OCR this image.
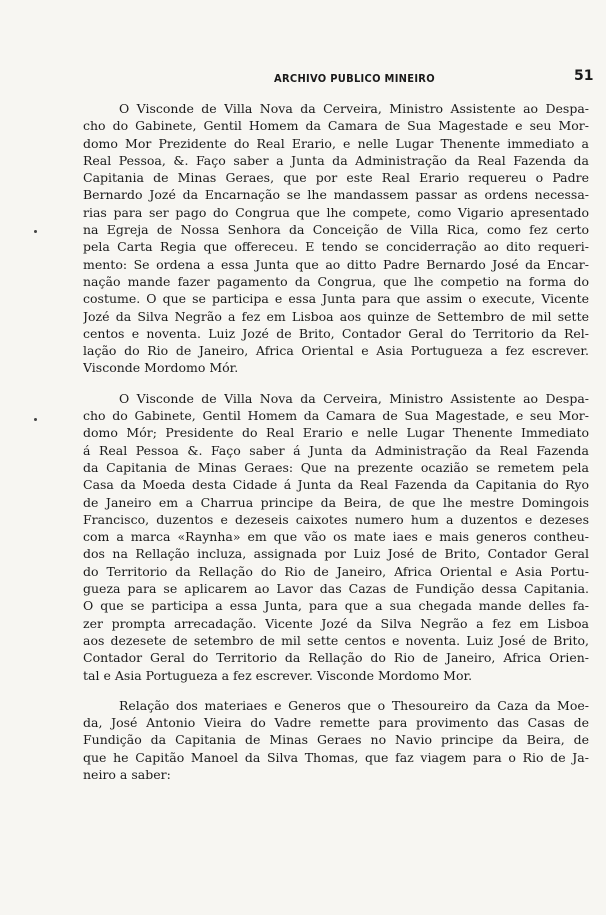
ARCHIVO PUBLICO MINEIRO	51
O Visconde de Villa Nova da Cerveira, Ministro Assistente ao Despa-
cho do Gabinete, Gentil Homem da Camara de Sua Magestade e seu Mor-
domo Mor Prezidente do Real Erario, e nelle Lugar Thenente immediato a
Real Pessoa, &. Faço saber a Junta da Administração da Real Fazenda da
Capitania de Minas Geraes, que por este Real Erario requereu o Padre
Bernardo Jozé da Encarnação se lhe mandassem passar as ordens necessa-
rias para ser pago do Congrua que lhe compete, como Vigario apresentado
na Egreja de Nossa Senhora da Conceição de Villa Rica, como fez certo
pela Carta Regia que offereceu. E tendo se conciderração ao dito requeri-
mento: Se ordena a essa Junta que ao ditto Padre Bernardo José da Encar-
nação mande fazer pagamento da Congrua, que lhe competio na forma do
costume. O que se participa e essa Junta para que assim o execute, Vicente
Jozé da Silva Negrão a fez em Lisboa aos quinze de Settembro de mil sette
centos e noventa. Luiz Jozé de Brito, Contador Geral do Territorio da Rel-
lação do Rio de Janeiro, Africa Oriental e Asia Portugueza a fez escrever.
Visconde Mordomo Mór.
O Visconde de Villa Nova da Cerveira, Ministro Assistente ao Despa-
cho do Gabinete, Gentil Homem da Camara de Sua Magestade, e seu Mor-
domo Mór; Presidente do Real Erario e nelle Lugar Thenente Immediato
á Real Pessoa &. Faço saber á Junta da Administração da Real Fazenda
da Capitania de Minas Geraes: Que na prezente ocazião se remetem pela
Casa da Moeda desta Cidade á Junta da Real Fazenda da Capitania do Ryo
de Janeiro em a Charrua principe da Beira, de que lhe mestre Domingois
Francisco, duzentos e dezeseis caixotes numero hum a duzentos e dezeses
com a marca «Raynha» em que vão os mate iaes e mais generos contheu-
dos na Rellação incluza, assignada por Luiz José de Brito, Contador Geral
do Territorio da Rellação do Rio de Janeiro, Africa Oriental e Asia Portu-
gueza para se aplicarem ao Lavor das Cazas de Fundição dessa Capitania.
O que se participa a essa Junta, para que a sua chegada mande delles fa-
zer prompta arrecadação. Vicente Jozé da Silva Negrão a fez em Lisboa
aos dezesete de setembro de mil sette centos e noventa. Luiz José de Brito,
Contador Geral do Territorio da Rellação do Rio de Janeiro, Africa Orien-
tal e Asia Portugueza a fez escrever. Visconde Mordomo Mor.
Relação dos materiaes e Generos que o Thesoureiro da Caza da Moe-
da, José Antonio Vieira do Vadre remette para provimento das Casas de
Fundição da Capitania de Minas Geraes no Navio principe da Beira, de
que he Capitão Manoel da Silva Thomas, que faz viagem para o Rio de Ja-
neiro a saber:
